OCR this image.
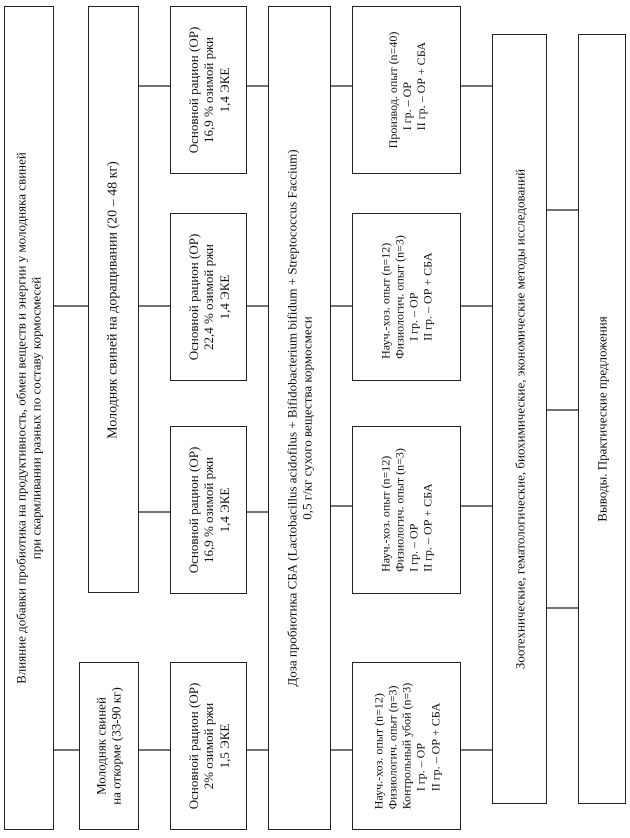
Влияние добавки пробиотика на продуктивность, обмен веществ и энергии у молодняка свиней при скармливании разных по составу кормосмесей
Молодняк свиней на откорме (33-90 кг)
Молодняк свиней на доращивании (20 – 48 кг)
Основной рацион (ОР) 2% озимой ржи 1,5 ЭКЕ
Основной рацион (ОР) 16,9 % озимой ржи 1,4 ЭКЕ
Основной рацион (ОР) 22,4 % озимой ржи 1,4 ЭКЕ
Основной рацион (ОР) 16,9 % озимой ржи 1,4 ЭКЕ
Доза пробиотика СБА (Lactobacillus acidofilus + Bifidobacterium bifidum + Streptococcus Faccium) 0,5 г/кг сухого вещества кормосмеси
Науч.-хоз. опыт (n=12) Физиологич. опыт (n=3) Контрольный убой (n=3) I гр. – ОР II гр. – ОР + СБА
Науч.-хоз. опыт (n=12) Физиологич. опыт (n=3) I гр. – ОР II гр. – ОР + СБА
Науч.-хоз. опыт (n=12) Физиологич. опыт (n=3) I гр. – ОР II гр. – ОР + СБА
Производ. опыт (n=40) I гр. – ОР II гр. – ОР + СБА
Зоотехнические, гематологические, биохимические, экономические методы исследований	Выводы. Практические предложения
